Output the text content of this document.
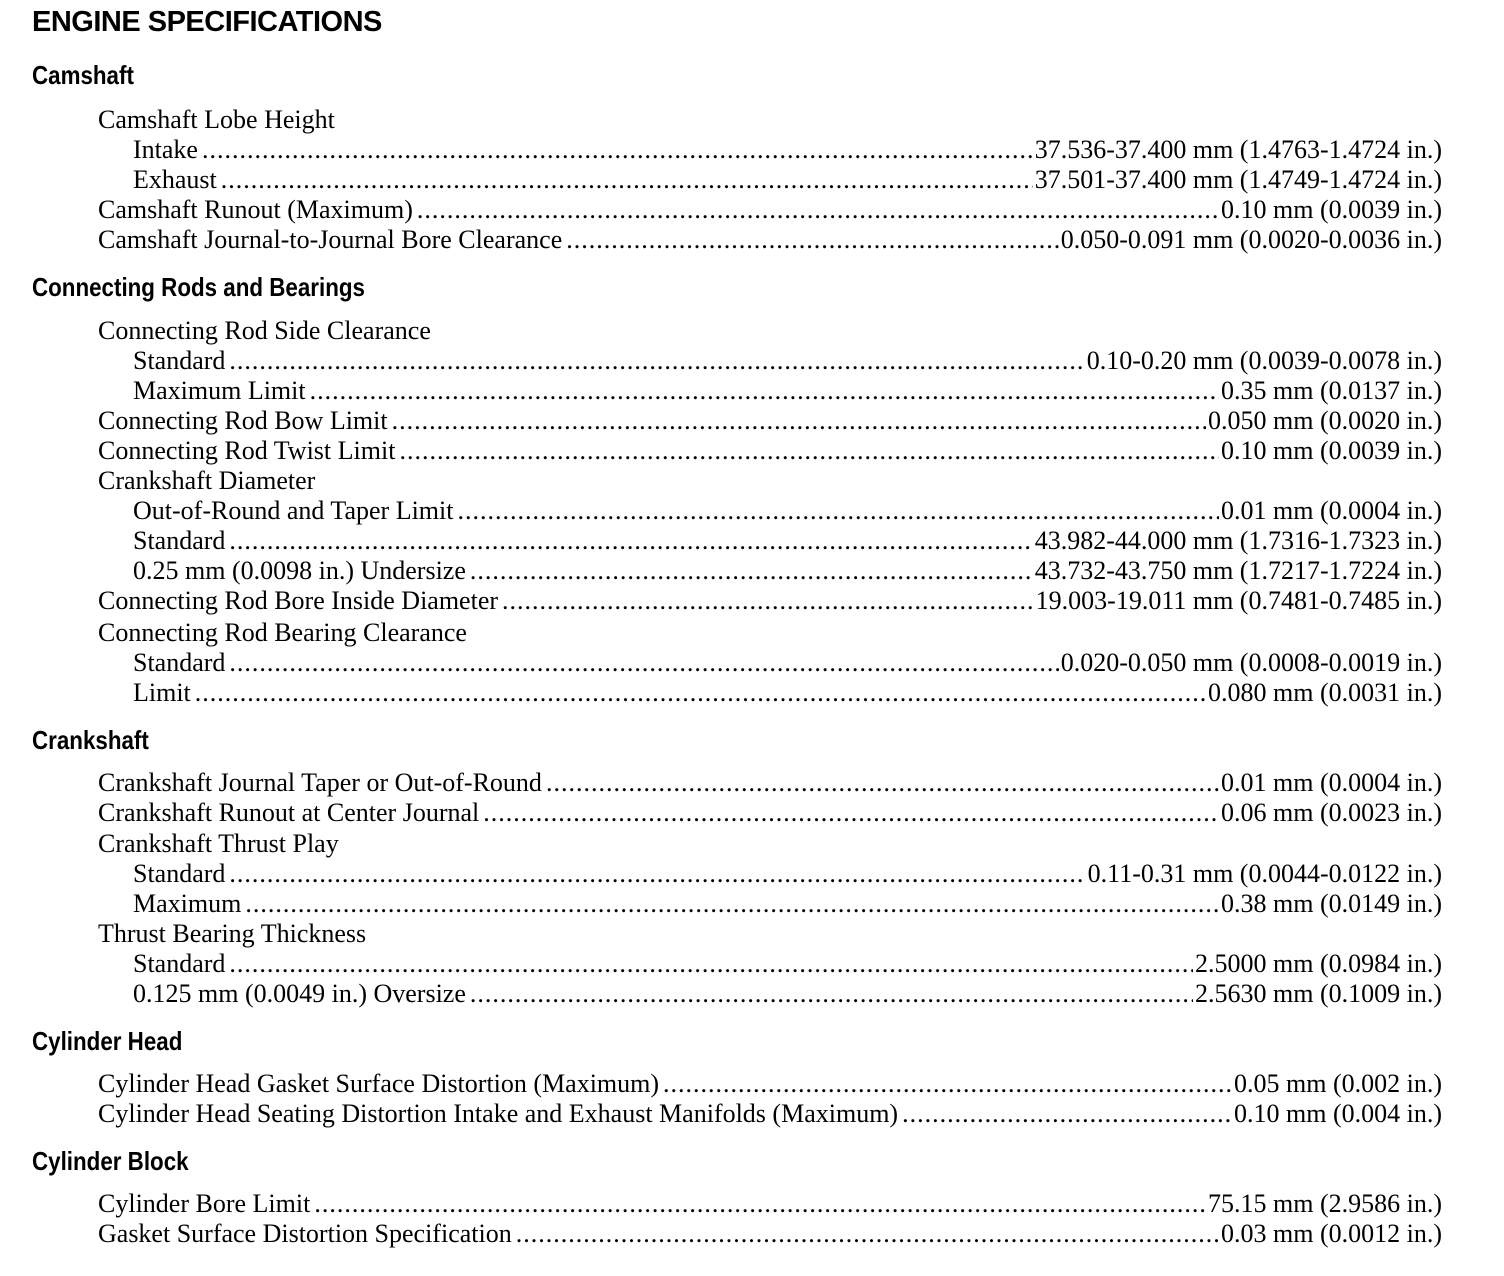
ENGINE SPECIFICATIONS
Camshaft
Camshaft Lobe Height
Intake .....	37.536-37.400 mm (1.4763-1.4724 in.)
Exhaust .....	37.501-37.400 mm (1.4749-1.4724 in.)
Camshaft Runout (Maximum) .....	0.10 mm (0.0039 in.)
Camshaft Journal-to-Journal Bore Clearance .....	0.050-0.091 mm (0.0020-0.0036 in.)
Connecting Rods and Bearings
Connecting Rod Side Clearance
Standard .....	0.10-0.20 mm (0.0039-0.0078 in.)
Maximum Limit .....	0.35 mm (0.0137 in.)
Connecting Rod Bow Limit .....	0.050 mm (0.0020 in.)
Connecting Rod Twist Limit .....	0.10 mm (0.0039 in.)
Crankshaft Diameter
Out-of-Round and Taper Limit .....	0.01 mm (0.0004 in.)
Standard .....	43.982-44.000 mm (1.7316-1.7323 in.)
0.25 mm (0.0098 in.) Undersize .....	43.732-43.750 mm (1.7217-1.7224 in.)
Connecting Rod Bore Inside Diameter .....	19.003-19.011 mm (0.7481-0.7485 in.)
Connecting Rod Bearing Clearance
Standard .....	0.020-0.050 mm (0.0008-0.0019 in.)
Limit .....	0.080 mm (0.0031 in.)
Crankshaft
Crankshaft Journal Taper or Out-of-Round .....	0.01 mm (0.0004 in.)
Crankshaft Runout at Center Journal .....	0.06 mm (0.0023 in.)
Crankshaft Thrust Play
Standard .....	0.11-0.31 mm (0.0044-0.0122 in.)
Maximum .....	0.38 mm (0.0149 in.)
Thrust Bearing Thickness
Standard .....	2.5000 mm (0.0984 in.)
0.125 mm (0.0049 in.) Oversize .....	2.5630 mm (0.1009 in.)
Cylinder Head
Cylinder Head Gasket Surface Distortion (Maximum) .....	0.05 mm (0.002 in.)
Cylinder Head Seating Distortion Intake and Exhaust Manifolds (Maximum) .....	0.10 mm (0.004 in.)
Cylinder Block
Cylinder Bore Limit .....	75.15 mm (2.9586 in.)
Gasket Surface Distortion Specification .....	0.03 mm (0.0012 in.)
